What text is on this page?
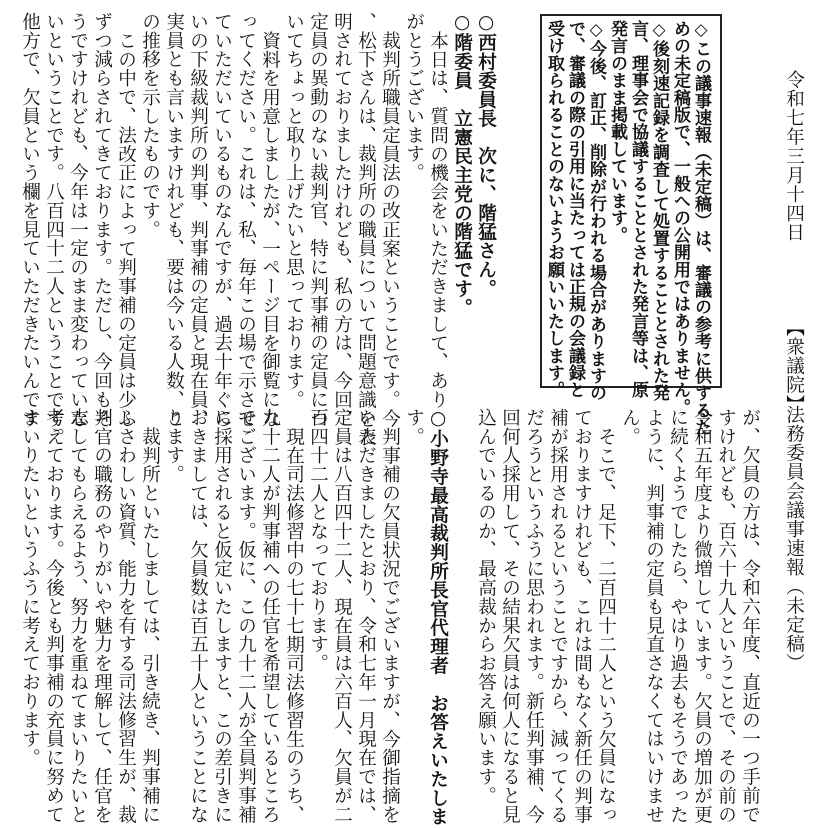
令和七年三月十四日
【衆議院】
法務委員会議事速報（未定稿）
◇この議事速報（未定稿）は、審議の参考に供するた
めの未定稿版で、一般への公開用ではありません。
◇後刻速記録を調査して処置することとされた発
言、理事会で協議することとされた発言等は、原
発言のまま掲載しています。
◇今後、訂正、削除が行われる場合がありますの
で、審議の際の引用に当たっては正規の会議録と
受け取られることのないようお願いいたします。
○西村委員長　次に、階猛さん。
○階委員　立憲民主党の階猛です。
本日は、質問の機会をいただきまして、あり
がとうございます。
裁判所職員定員法の改正案ということです。今
、松下さんは、裁判所の職員について問題意識を表
明されておりましたけれども、私の方は、今回、
定員の異動のない裁判官、特に判事補の定員につ
いてちょっと取り上げたいと思っております。
資料を用意しましたが、一ページ目を御覧にな
ってください。これは、私、毎年この場で示させ
ていただいているものなんですが、過去十年ぐら
いの下級裁判所の判事、判事補の定員と現在員、
実員とも言いますけれども、要は今いる人数、こ
の推移を示したものです。
この中で、法改正によって判事補の定員は少し
ずつ減らされてきております。ただし、今回もそ
うですけれども、今年は一定のまま変わっていな
いということです。八百四十二人ということです。
他方で、欠員という欄を見ていただきたいんです
が、欠員の方は、令和六年度、直近の一つ手前で
すけれども、百六十九人ということで、その前の
令和五年度より微増しています。欠員の増加が更
に続くようでしたら、やはり過去もそうであった
ように、判事補の定員も見直さなくてはいけませ
ん。
そこで、足下、二百四十二人という欠員になっ
ておりますけれども、これは間もなく新任の判事
補が採用されるということですから、減ってくる
だろうというふうに思われます。新任判事補、今
回何人採用して、その結果欠員は何人になると見
込んでいるのか、最高裁からお答え願います。
○小野寺最高裁判所長官代理者　お答えいたしま
す。
判事補の欠員状況でございますが、今御指摘を
いただきましたとおり、令和七年一月現在では、
定員は八百四十二人、現在員は六百人、欠員が二
百四十二人となっております。
現在司法修習中の七十七期司法修習生のうち、
九十二人が判事補への任官を希望しているところ
でございます。仮に、この九十二人が全員判事補
に採用されると仮定いたしますと、この差引きに
おきましては、欠員数は百五十人ということにな
ります。
裁判所といたしましては、引き続き、判事補に
ふさわしい資質、能力を有する司法修習生が、裁
判官の職務のやりがいや魅力を理解して、任官を
志してもらえるよう、努力を重ねてまいりたいと
考えております。今後とも判事補の充員に努めて
まいりたいというふうに考えております。
